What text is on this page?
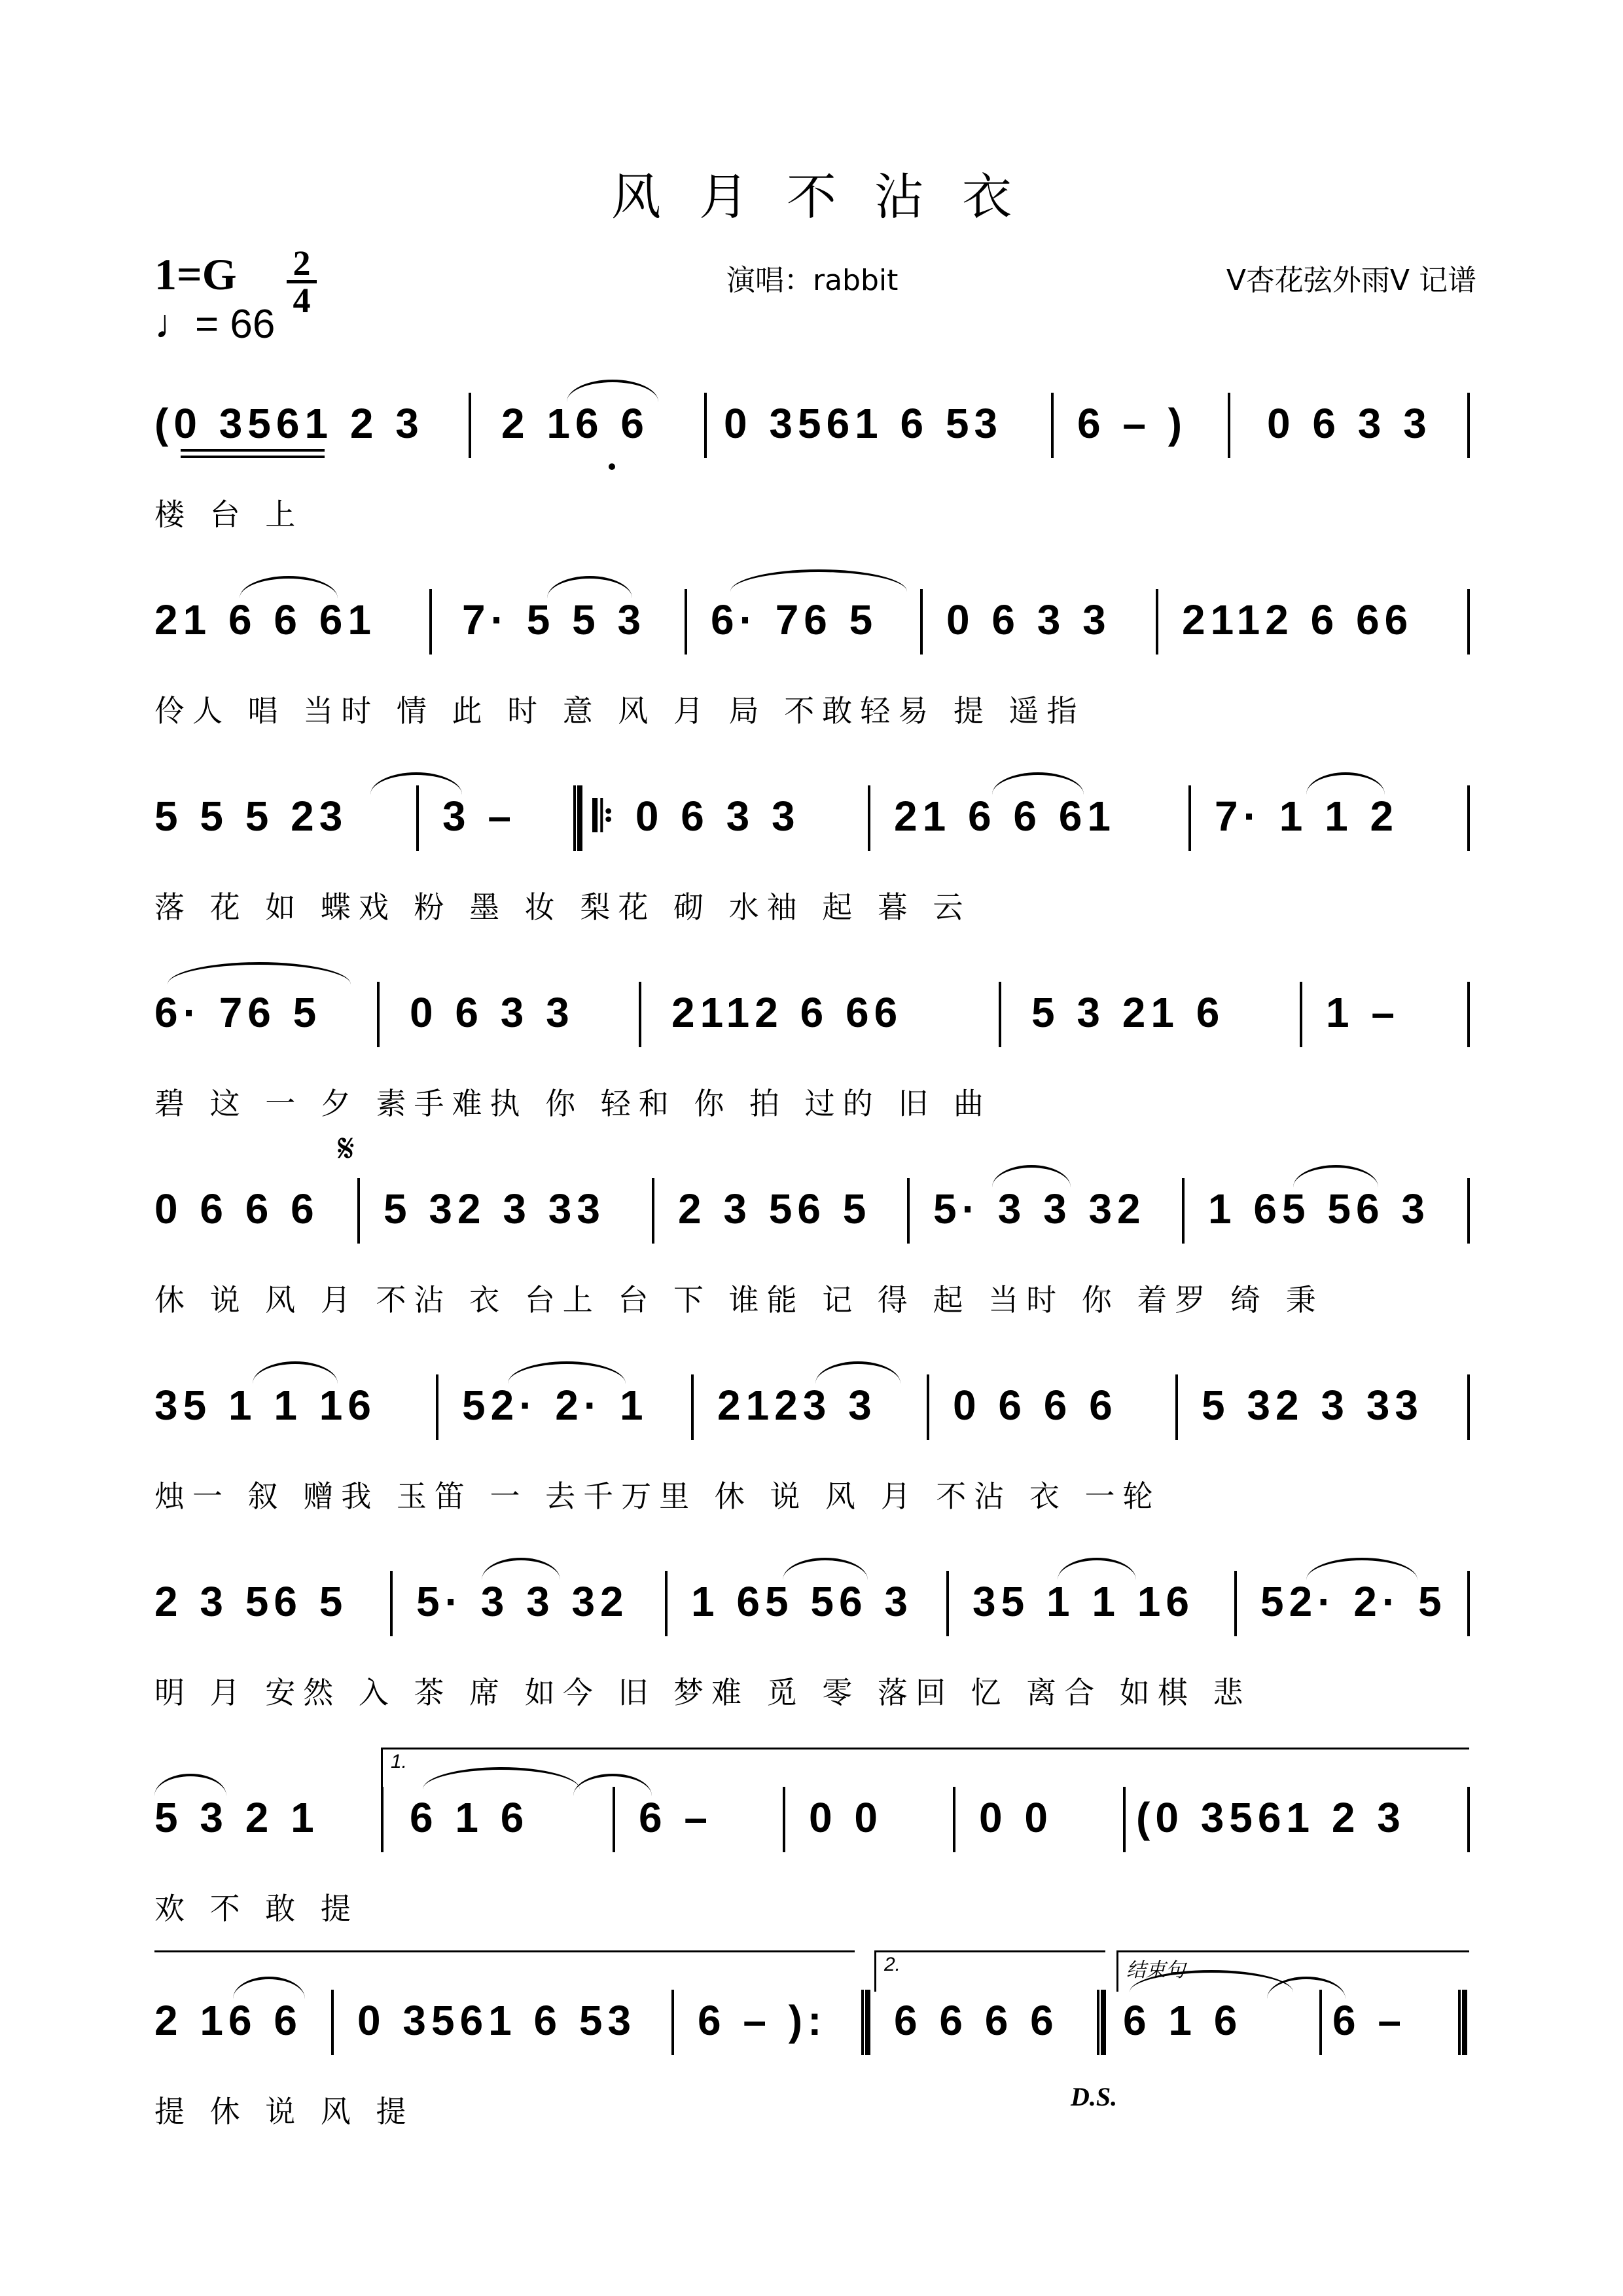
风月不沾衣
1=G 2
4
♩= 66
演唱：rabbit	V杏花弦外雨V 记谱
(0 3561 2 3 2 16 6 0 3561 6 53 6 – ) 0 6 3 3
楼 台 上
21 6 6 61 7· 5 5 3 6· 76 5 0 6 3 3 2112 6 66
伶人 唱 当时 情 此 时 意 风 月 局 不敢轻易 提 遥指
5 5 5 23 3 – 𝄆 0 6 3 3 21 6 6 61 7· 1 1 2
落 花 如 蝶戏 粉 墨 妆 梨花 砌 水袖 起 暮 云
6· 76 5 0 6 3 3 2112 6 66	5 3 21 6 1 –
碧 这 一 夕 素手难执 你 轻和 你 拍 过的 旧 曲
𝄋
0 6 6 6 5 32 3 33 2 3 56 5 5· 3 3 32 1 65 56 3
休 说 风 月 不沾 衣 台上 台 下 谁能 记 得 起 当时 你 着罗 绮 秉
35 1 1 16 52· 2· 1 2123 3 0 6 6 6 5 32 3 33
烛一 叙 赠我 玉笛 一 去千万里 休 说 风 月 不沾 衣 一轮
2 3 56 5 5· 3 3 32 1 65 56 3 35 1 1 16 52· 2· 5
明 月 安然 入 茶 席 如今 旧 梦难 觅 零 落回 忆 离合 如棋 悲
1.
5 3 2 1 6 1 6	6 – 0 0 0 0 (0 3561 2 3
欢 不 敢 提
2.	结束句
2 16 6 0 3561 6 53 6 – ): 6 6 6 6 6 1 6 6 –
D.S.
提 休 说 风 提
